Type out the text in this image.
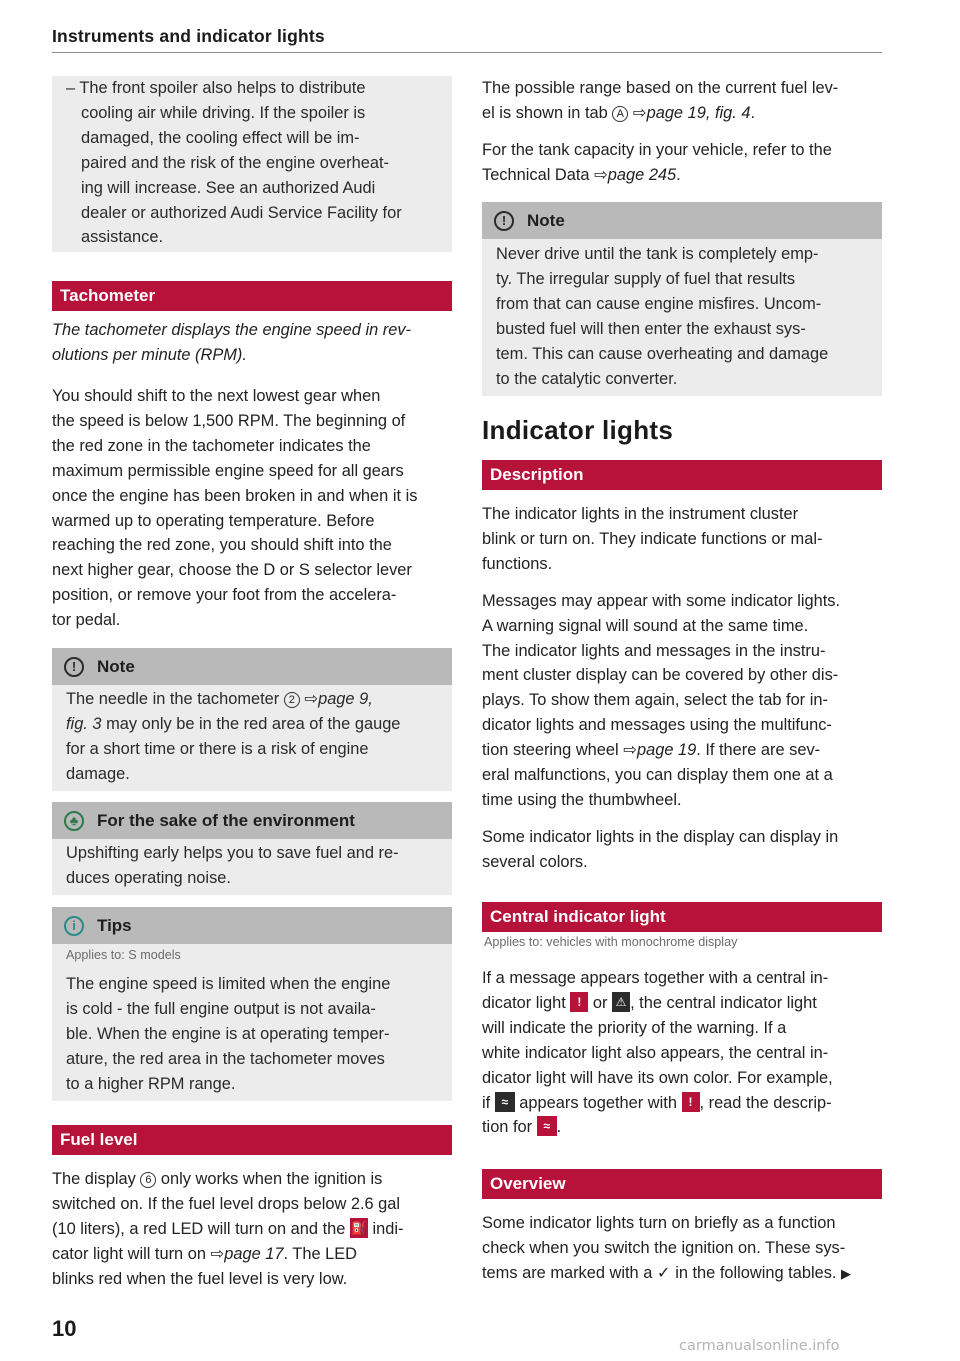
Instruments and indicator lights

– The front spoiler also helps to distribute

cooling air while driving. If the spoiler is

damaged, the cooling effect will be im-

paired and the risk of the engine overheat-

ing will increase. See an authorized Audi

dealer or authorized Audi Service Facility for

assistance.

Tachometer

The tachometer displays the engine speed in rev-

olutions per minute (RPM).

You should shift to the next lowest gear when

the speed is below 1,500 RPM. The beginning of

the red zone in the tachometer indicates the

maximum permissible engine speed for all gears

once the engine has been broken in and when it is

warmed up to operating temperature. Before

reaching the red zone, you should shift into the

next higher gear, choose the D or S selector lever

position, or remove your foot from the accelera-

tor pedal.

!	Note

The needle in the tachometer 2 ⇨page 9,

fig. 3 may only be in the red area of the gauge

for a short time or there is a risk of engine

damage.

♣	For the sake of the environment

Upshifting early helps you to save fuel and re-

duces operating noise.

i	Tips
Applies to: S models

The engine speed is limited when the engine

is cold - the full engine output is not availa-

ble. When the engine is at operating temper-

ature, the red area in the tachometer moves

to a higher RPM range.

Fuel level

The display 6 only works when the ignition is

switched on. If the fuel level drops below 2.6 gal

(10 liters), a red LED will turn on and the ⛽ indi-

cator light will turn on ⇨page 17. The LED

blinks red when the fuel level is very low.

10

The possible range based on the current fuel lev-

el is shown in tab A ⇨page 19, fig. 4.

For the tank capacity in your vehicle, refer to the

Technical Data ⇨page 245.

!	Note

Never drive until the tank is completely emp-

ty. The irregular supply of fuel that results

from that can cause engine misfires. Uncom-

busted fuel will then enter the exhaust sys-

tem. This can cause overheating and damage

to the catalytic converter.

Indicator lights
Description

The indicator lights in the instrument cluster

blink or turn on. They indicate functions or mal-

functions.

Messages may appear with some indicator lights.

A warning signal will sound at the same time.

The indicator lights and messages in the instru-

ment cluster display can be covered by other dis-

plays. To show them again, select the tab for in-

dicator lights and messages using the multifunc-

tion steering wheel ⇨page 19. If there are sev-

eral malfunctions, you can display them one at a

time using the thumbwheel.

Some indicator lights in the display can display in

several colors.

Central indicator light
Applies to: vehicles with monochrome display

If a message appears together with a central in-

dicator light ! or ⚠ , the central indicator light

will indicate the priority of the warning. If a

white indicator light also appears, the central in-

dicator light will have its own color. For example,

if ≈ appears together with ! , read the descrip-

tion for ≈ .

Overview

Some indicator lights turn on briefly as a function

check when you switch the ignition on. These sys-

tems are marked with a ✓ in the following tables. ▶

carmanualsonline.info
